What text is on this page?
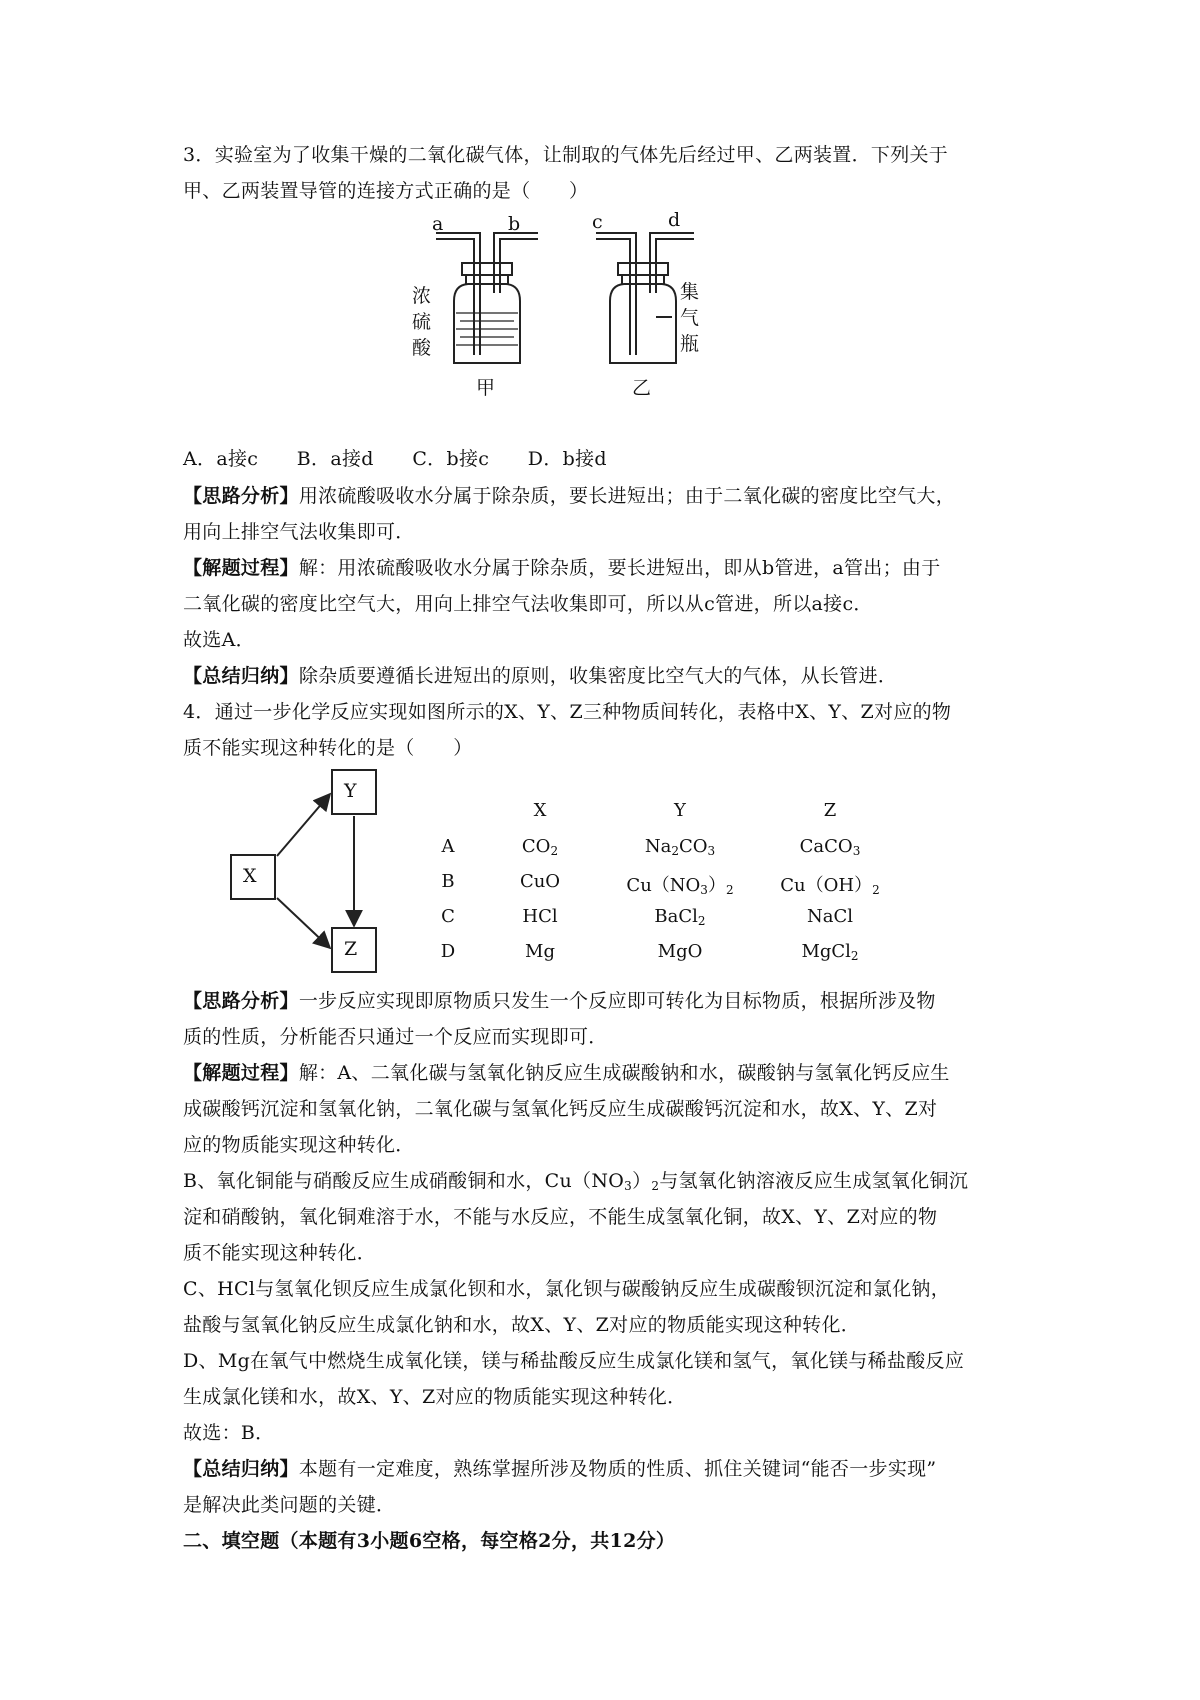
3．实验室为了收集干燥的二氧化碳气体，让制取的气体先后经过甲、乙两装置．下列关于
甲、乙两装置导管的连接方式正确的是（　　）
a	b	c	d
浓
硫
酸
集
气
瓶
甲	乙
A．a接c　　B．a接d　　C．b接c　　D．b接d
【思路分析】用浓硫酸吸收水分属于除杂质，要长进短出；由于二氧化碳的密度比空气大，
用向上排空气法收集即可．
【解题过程】解：用浓硫酸吸收水分属于除杂质，要长进短出，即从b管进，a管出；由于
二氧化碳的密度比空气大，用向上排空气法收集即可，所以从c管进，所以a接c．
故选A．
【总结归纳】除杂质要遵循长进短出的原则，收集密度比空气大的气体，从长管进．
4．通过一步化学反应实现如图所示的X、Y、Z三种物质间转化，表格中X、Y、Z对应的物
质不能实现这种转化的是（　　）
Y
X
Z
X	Y	Z
A	$CO_2$	$Na_2CO_3$	CaCO$_3$
B	CuO	$Cu(NO_3)_2$	$Cu(OH)_2$
C	HCl	BaCl$_2$	NaCl
D	Mg	MgO	MgCl$_2$
【思路分析】一步反应实现即原物质只发生一个反应即可转化为目标物质，根据所涉及物
质的性质，分析能否只通过一个反应而实现即可．
【解题过程】解：A、二氧化碳与氢氧化钠反应生成碳酸钠和水，碳酸钠与氢氧化钙反应生
成碳酸钙沉淀和氢氧化钠，二氧化碳与氢氧化钙反应生成碳酸钙沉淀和水，故X、Y、Z对
应的物质能实现这种转化．
B、氧化铜能与硝酸反应生成硝酸铜和水，$Cu(NO_3)_2$与氢氧化钠溶液反应生成氢氧化铜沉
淀和硝酸钠，氧化铜难溶于水，不能与水反应，不能生成氢氧化铜，故X、Y、Z对应的物
质不能实现这种转化．
C、HCl与氢氧化钡反应生成氯化钡和水，氯化钡与碳酸钠反应生成碳酸钡沉淀和氯化钠，
盐酸与氢氧化钠反应生成氯化钠和水，故X、Y、Z对应的物质能实现这种转化．
D、Mg在氧气中燃烧生成氧化镁，镁与稀盐酸反应生成氯化镁和氢气，氧化镁与稀盐酸反应
生成氯化镁和水，故X、Y、Z对应的物质能实现这种转化．
故选：B．
【总结归纳】本题有一定难度，熟练掌握所涉及物质的性质、抓住关键词“能否一步实现”
是解决此类问题的关键．
二、填空题（本题有3小题6空格，每空格2分，共12分）
